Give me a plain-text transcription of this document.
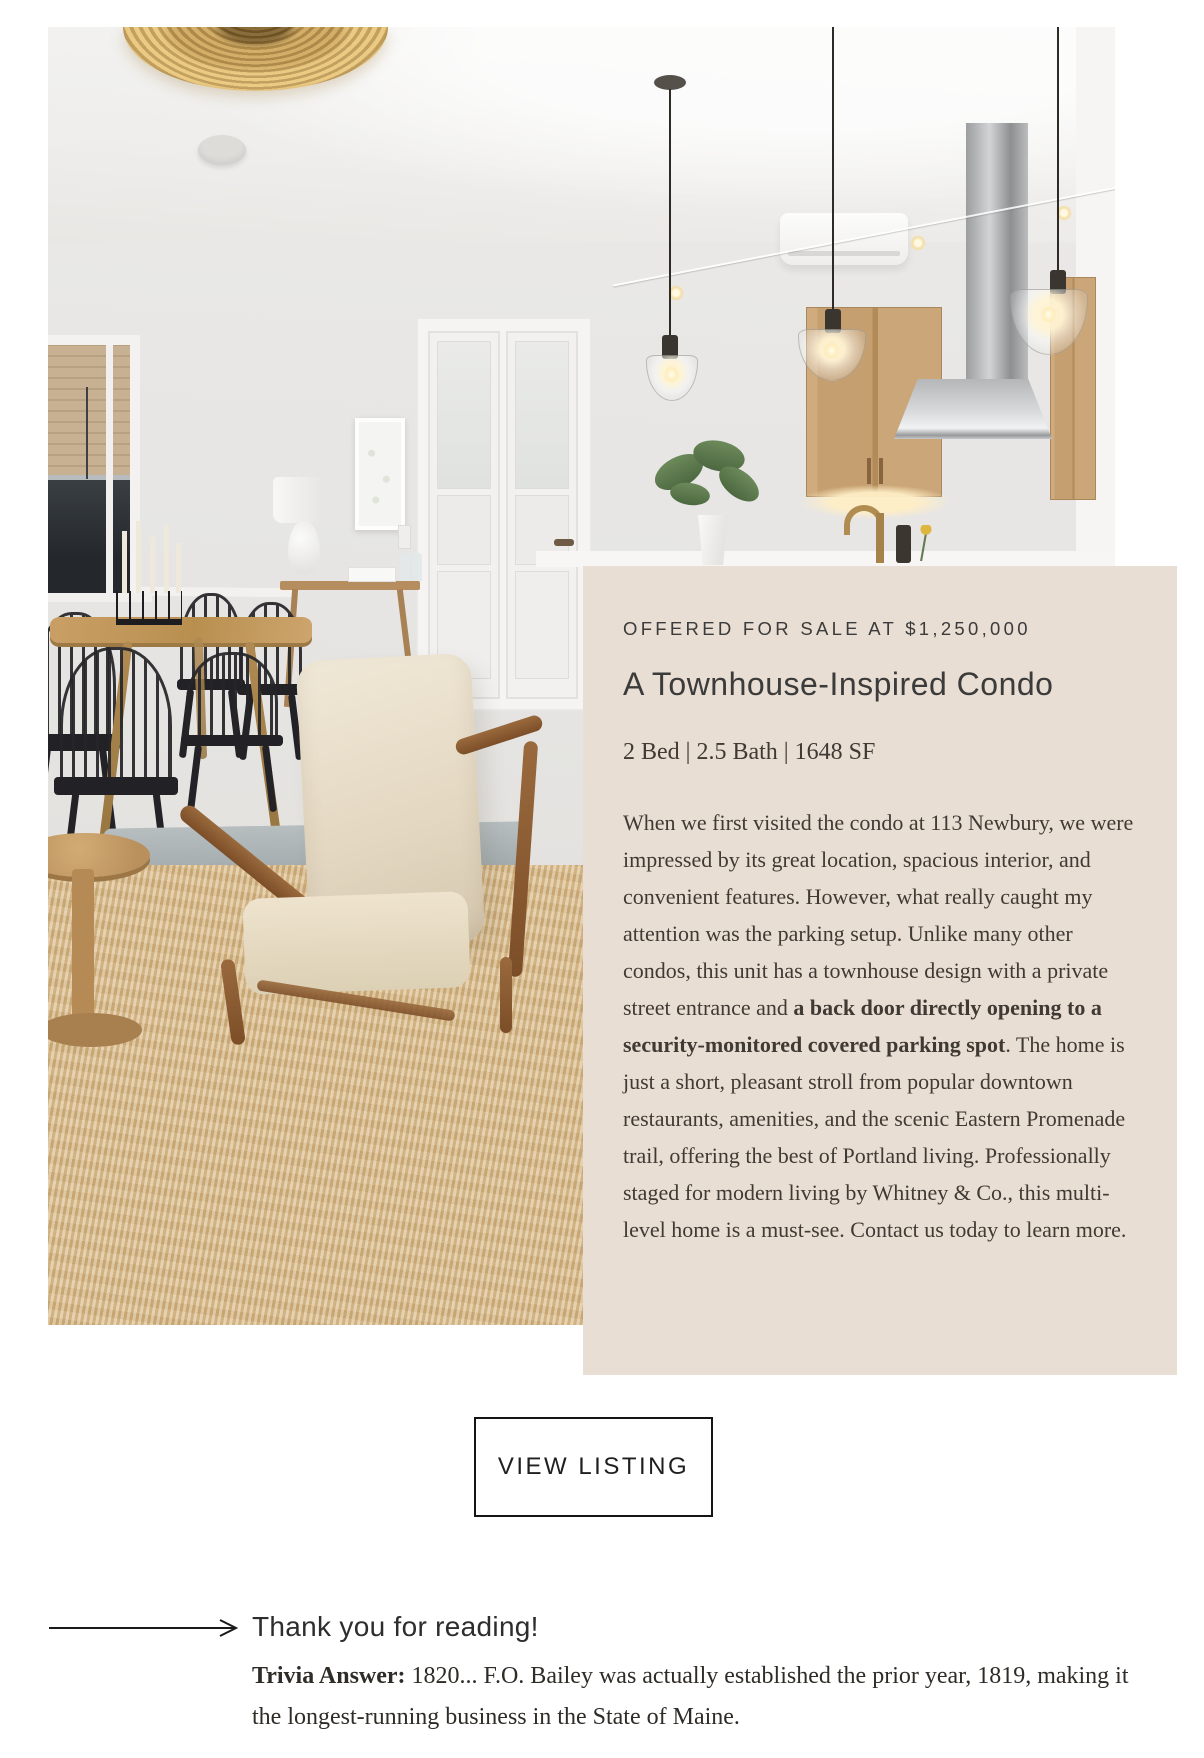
OFFERED FOR SALE AT $1,250,000
A Townhouse-Inspired Condo
2 Bed | 2.5 Bath | 1648 SF

When we first visited the condo at 113 Newbury, we were impressed by its great location, spacious interior, and convenient features. However, what really caught my attention was the parking setup. Unlike many other condos, this unit has a townhouse design with a private street entrance and a back door directly opening to a security-monitored covered parking spot. The home is just a short, pleasant stroll from popular downtown restaurants, amenities, and the scenic Eastern Promenade trail, offering the best of Portland living. Professionally staged for modern living by Whitney & Co., this multi-level home is a must-see. Contact us today to learn more.

VIEW LISTING
Thank you for reading!

Trivia Answer: 1820... F.O. Bailey was actually established the prior year, 1819, making it the longest-running business in the State of Maine.
